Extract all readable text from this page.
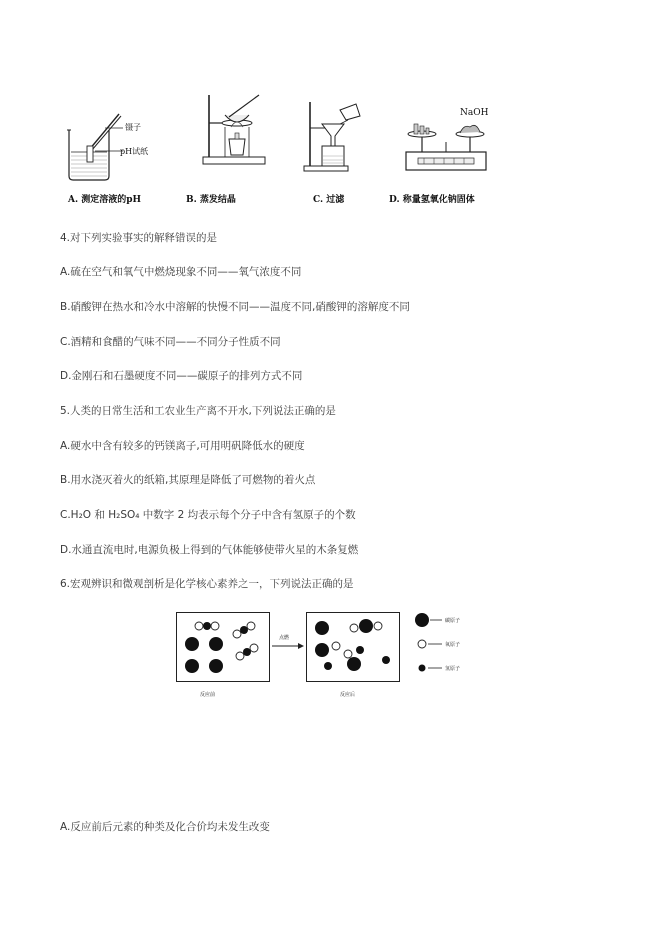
镊子
pH试纸
A. 测定溶液的pH	B. 蒸发结晶	C. 过滤
NaOH
D. 称量氢氧化钠固体
4.对下列实验事实的解释错误的是
A.硫在空气和氧气中燃烧现象不同——氧气浓度不同
B.硝酸钾在热水和冷水中溶解的快慢不同——温度不同,硝酸钾的溶解度不同
C.酒精和食醋的气味不同——不同分子性质不同
D.金刚石和石墨硬度不同——碳原子的排列方式不同
5.人类的日常生活和工农业生产离不开水,下列说法正确的是
A.硬水中含有较多的钙镁离子,可用明矾降低水的硬度
B.用水浇灭着火的纸箱,其原理是降低了可燃物的着火点
C.H₂O 和 H₂SO₄ 中数字 2 均表示每个分子中含有氢原子的个数
D.水通直流电时,电源负极上得到的气体能够使带火星的木条复燃
6.宏观辨识和微观剖析是化学核心素养之一，下列说法正确的是
点燃
反应前	反应后
碳原子
氧原子
氢原子
A.反应前后元素的种类及化合价均未发生改变
